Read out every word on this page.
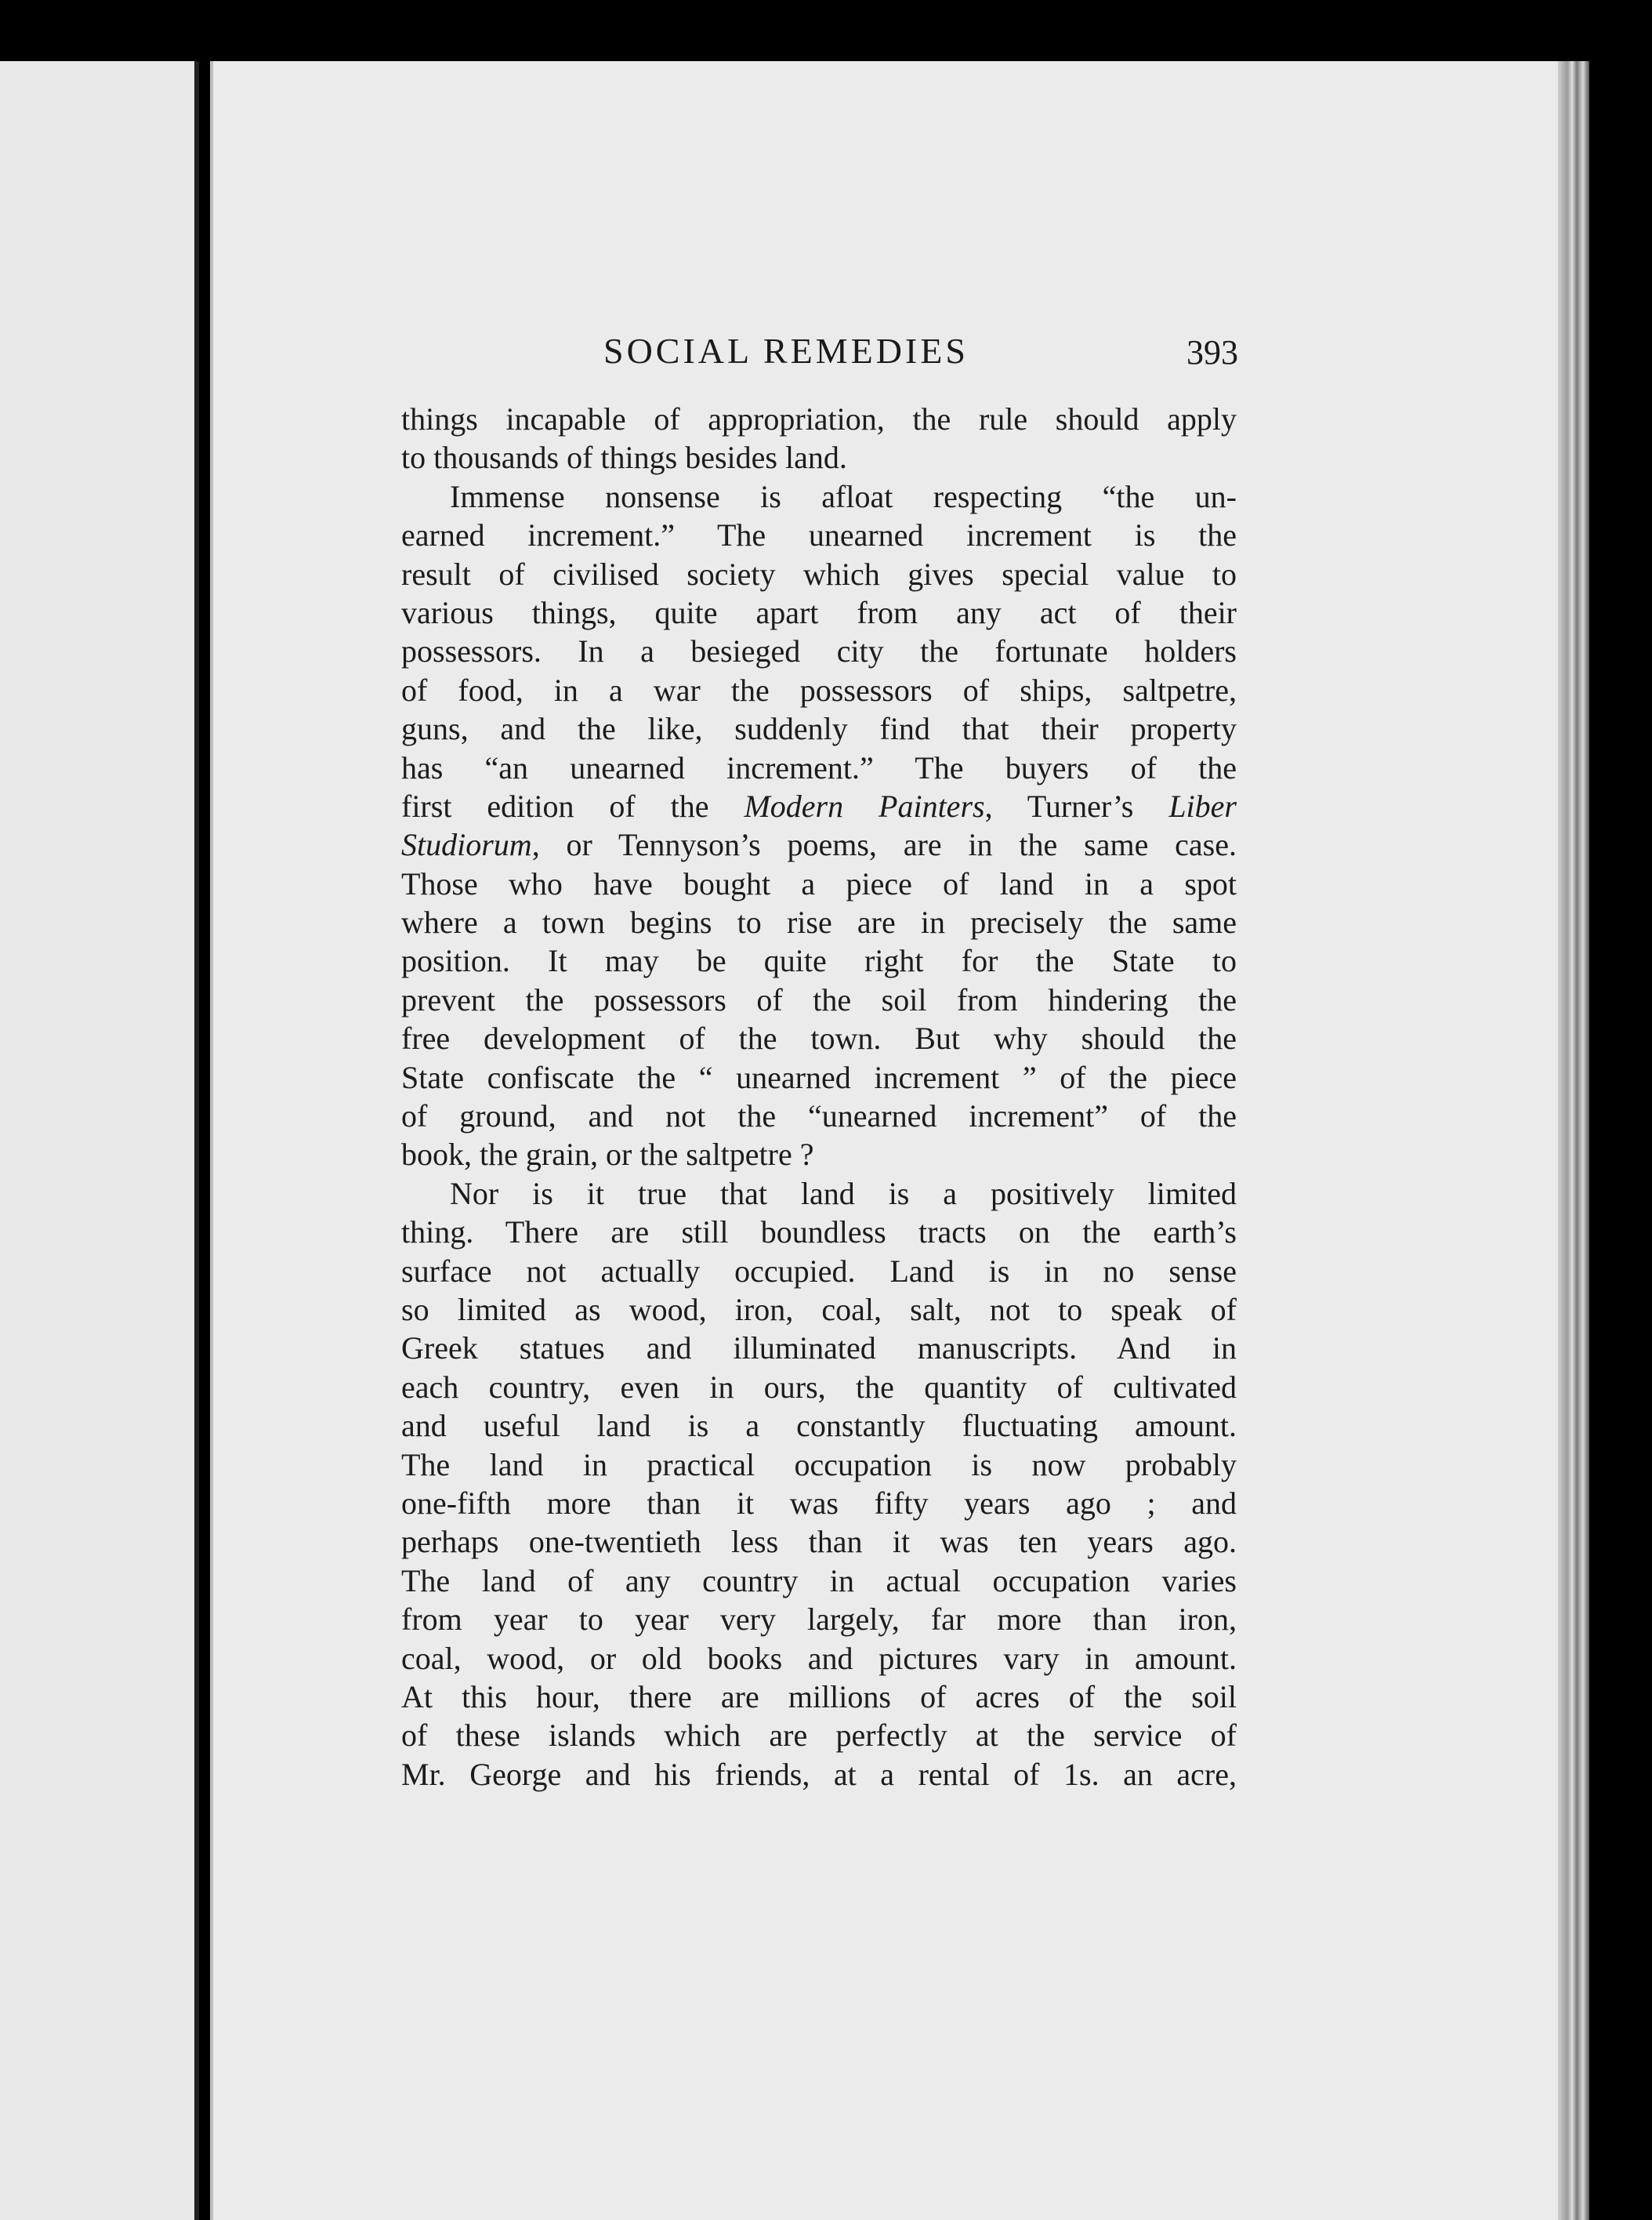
SOCIAL REMEDIES	393
things incapable of appropriation, the rule should apply
to thousands of things besides land.
Immense nonsense is afloat respecting “the un-
earned increment.” The unearned increment is the
result of civilised society which gives special value to
various things, quite apart from any act of their
possessors. In a besieged city the fortunate holders
of food, in a war the possessors of ships, saltpetre,
guns, and the like, suddenly find that their property
has “an unearned increment.” The buyers of the
first edition of the Modern Painters, Turner’s Liber
Studiorum, or Tennyson’s poems, are in the same case.
Those who have bought a piece of land in a spot
where a town begins to rise are in precisely the same
position. It may be quite right for the State to
prevent the possessors of the soil from hindering the
free development of the town. But why should the
State confiscate the “ unearned increment ” of the piece
of ground, and not the “unearned increment” of the
book, the grain, or the saltpetre ?
Nor is it true that land is a positively limited
thing. There are still boundless tracts on the earth’s
surface not actually occupied. Land is in no sense
so limited as wood, iron, coal, salt, not to speak of
Greek statues and illuminated manuscripts. And in
each country, even in ours, the quantity of cultivated
and useful land is a constantly fluctuating amount.
The land in practical occupation is now probably
one-fifth more than it was fifty years ago ; and
perhaps one-twentieth less than it was ten years ago.
The land of any country in actual occupation varies
from year to year very largely, far more than iron,
coal, wood, or old books and pictures vary in amount.
At this hour, there are millions of acres of the soil
of these islands which are perfectly at the service of
Mr. George and his friends, at a rental of 1s. an acre,
